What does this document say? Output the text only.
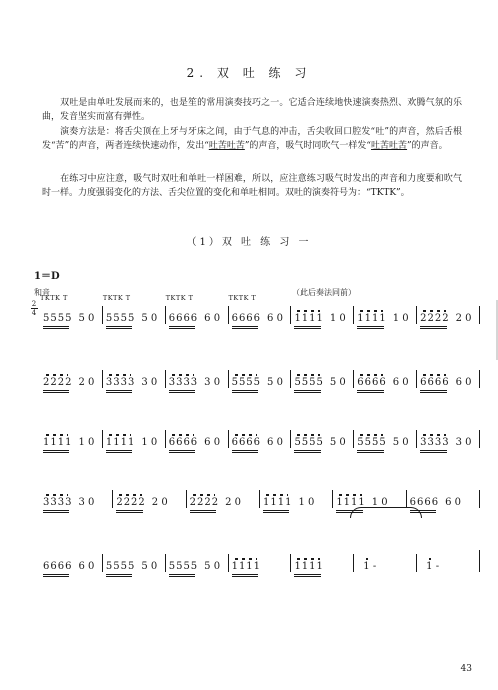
2. 双 吐 练 习
双吐是由单吐发展而来的，也是笙的常用演奏技巧之一。它适合连续地快速演奏热烈、欢腾气氛的乐曲，发音坚实而富有弹性。
演奏方法是：将舌尖顶在上牙与牙床之间，由于气息的冲击，舌尖收回口腔发“吐”的声音，然后舌根发“苦”的声音，两者连续快速动作，发出“吐苦吐苦”的声音，吸气时同吹气一样发“吐苦吐苦”的声音。
在练习中应注意，吸气时双吐和单吐一样困难，所以，应注意练习吸气时发出的声音和力度要和吹气时一样。力度强弱变化的方法、舌尖位置的变化和单吐相同。双吐的演奏符号为：“TKTK”。
（1）双 吐 练 习 一
1＝D
和音	（此后奏法同前）
2
4
TKTK T
5555 5 0
TKTK T
5555 5 0
TKTK T
6666 6 0
TKTK T
6666 6 0 1111 1 0 1111 1 0 2222 2 0
2222 2 0 3333 3 0 3333 3 0 5555 5 0 5555 5 0 6666 6 0 6666 6 0
1111 1 0 1111 1 0 6666 6 0 6666 6 0 5555 5 0 5555 5 0 3333 3 0
3333 3 0 2222 2 0 2222 2 0 1111 1 0 1111 1 0 6666 6 0
6666 6 0 5555 5 0 5555 5 0 1111	1111	1 -	1 -
43
